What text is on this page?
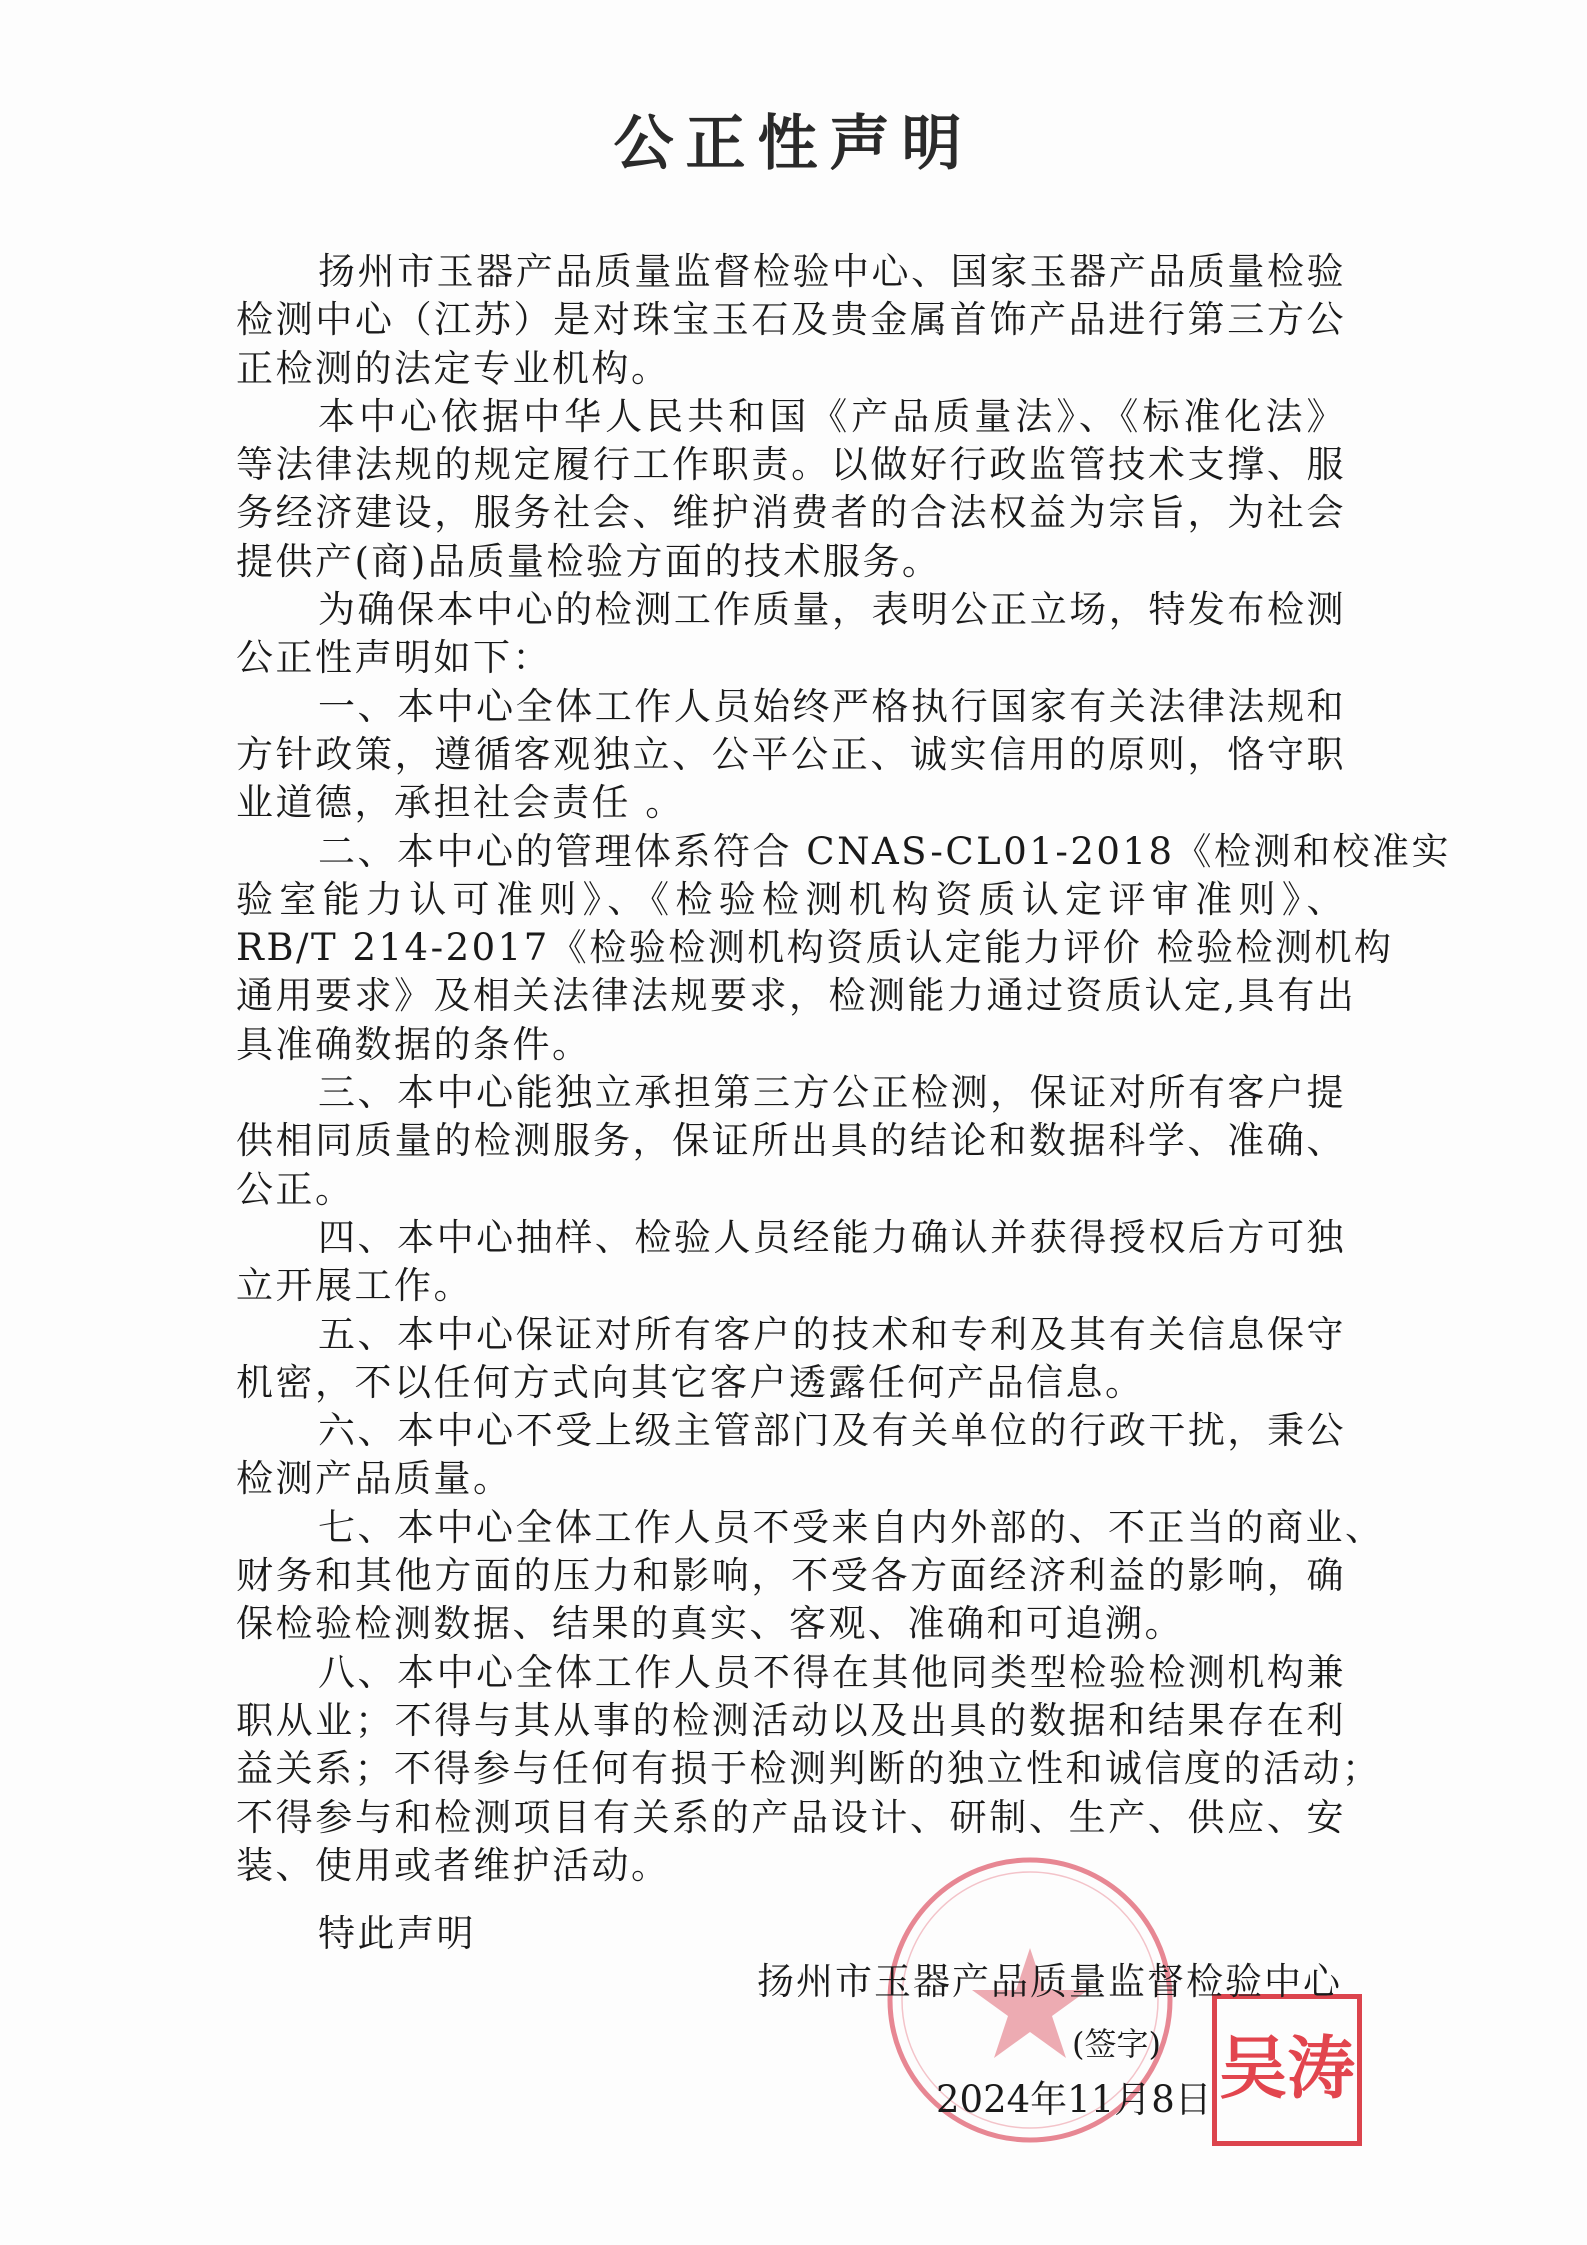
公正性声明
扬州市玉器产品质量监督检验中心、国家玉器产品质量检验
检测中心（江苏）是对珠宝玉石及贵金属首饰产品进行第三方公
正检测的法定专业机构。
本中心依据中华人民共和国《产品质量法》、《标准化法》
等法律法规的规定履行工作职责。以做好行政监管技术支撑、服
务经济建设，服务社会、维护消费者的合法权益为宗旨，为社会
提供产(商)品质量检验方面的技术服务。
为确保本中心的检测工作质量，表明公正立场，特发布检测
公正性声明如下：
一、本中心全体工作人员始终严格执行国家有关法律法规和
方针政策，遵循客观独立、公平公正、诚实信用的原则，恪守职
业道德，承担社会责任 。
二、本中心的管理体系符合 CNAS-CL01-2018《检测和校准实
验室能力认可准则》、《检验检测机构资质认定评审准则》、
RB/T 214-2017《检验检测机构资质认定能力评价 检验检测机构
通用要求》及相关法律法规要求，检测能力通过资质认定,具有出
具准确数据的条件。
三、本中心能独立承担第三方公正检测，保证对所有客户提
供相同质量的检测服务，保证所出具的结论和数据科学、准确、
公正。
四、本中心抽样、检验人员经能力确认并获得授权后方可独
立开展工作。
五、本中心保证对所有客户的技术和专利及其有关信息保守
机密，不以任何方式向其它客户透露任何产品信息。
六、本中心不受上级主管部门及有关单位的行政干扰，秉公
检测产品质量。
七、本中心全体工作人员不受来自内外部的、不正当的商业、
财务和其他方面的压力和影响，不受各方面经济利益的影响，确
保检验检测数据、结果的真实、客观、准确和可追溯。
八、本中心全体工作人员不得在其他同类型检验检测机构兼
职从业；不得与其从事的检测活动以及出具的数据和结果存在利
益关系；不得参与任何有损于检测判断的独立性和诚信度的活动；
不得参与和检测项目有关系的产品设计、研制、生产、供应、安
装、使用或者维护活动。
特此声明
扬州市玉器产品质量监督检验中心
吴涛
(签字)
2024年11月8日
